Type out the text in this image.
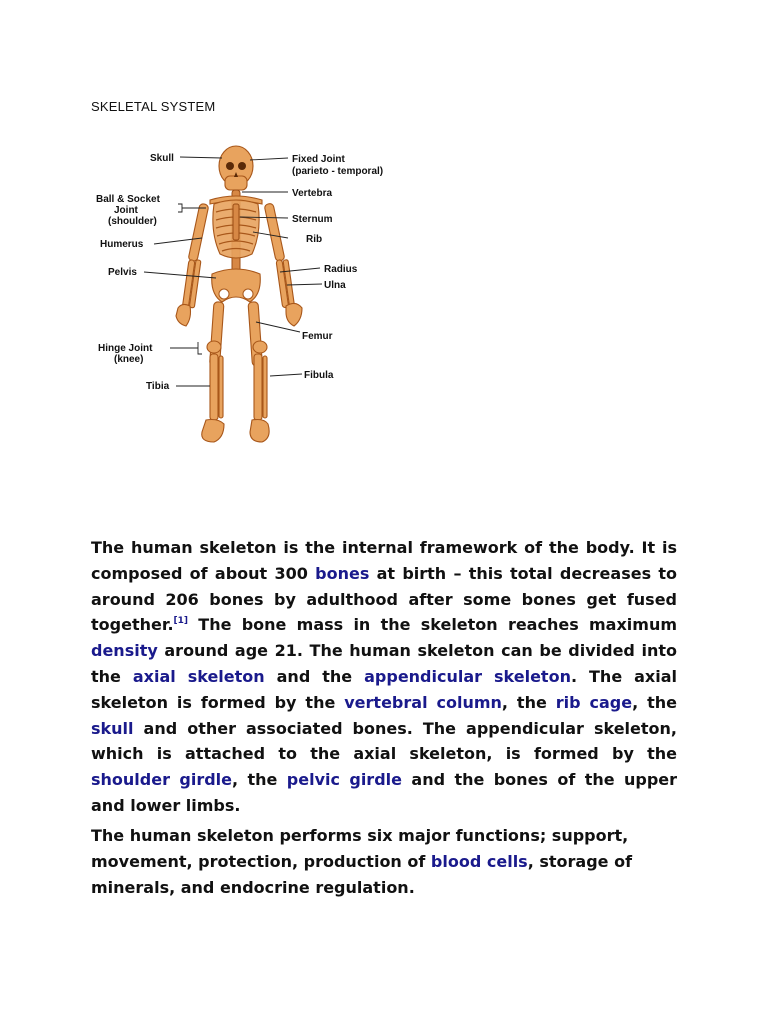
SKELETAL SYSTEM
Skull	Fixed Joint
(parieto - temporal)
Vertebra
Ball & Socket
Joint
(shoulder)	Sternum
Rib
Humerus
Radius
Pelvis
Ulna
Femur
Hinge Joint
(knee)
Fibula
Tibia

The human skeleton is the internal framework of the body. It is composed of about 300 bones at birth – this total decreases to around 206 bones by adulthood after some bones get fused together.[1] The bone mass in the skeleton reaches maximum density around age 21. The human skeleton can be divided into the axial skeleton and the appendicular skeleton. The axial skeleton is formed by the vertebral column, the rib cage, the skull and other associated bones. The appendicular skeleton, which is attached to the axial skeleton, is formed by the shoulder girdle, the pelvic girdle and the bones of the upper and lower limbs.

The human skeleton performs six major functions; support, movement, protection, production of blood cells, storage of minerals, and endocrine regulation.
